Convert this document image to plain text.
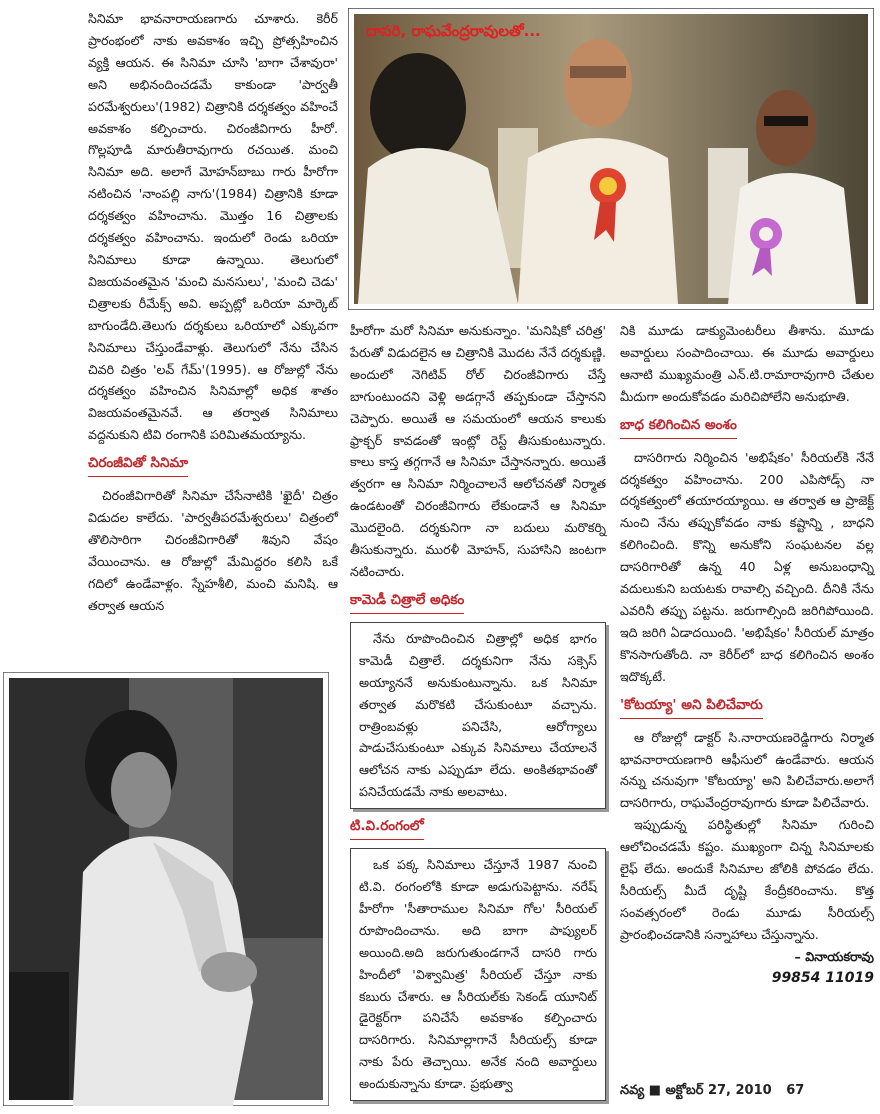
దాసరి, రాఘవేంద్రరావులతో...

సినిమా భావనారాయణగారు చూశారు. కెరీర్ ప్రారంభంలో నాకు అవకాశం ఇచ్చి ప్రోత్సహించిన వ్యక్తి ఆయన. ఈ సినిమా చూసి 'బాగా చేశావురా' అని అభినందించడమే కాకుండా 'పార్వతీ పరమేశ్వరులు'(1982) చిత్రానికి దర్శకత్వం వహించే అవకాశం కల్పించారు. చిరంజీవిగారు హీరో. గొల్లపూడి మారుతీరావుగారు రచయిత. మంచి సినిమా అది. అలాగే మోహన్‌బాబు గారు హీరోగా నటించిన 'నాంపల్లి నాగు'(1984) చిత్రానికి కూడా దర్శకత్వం వహించాను. మొత్తం 16 చిత్రాలకు దర్శకత్వం వహించాను. ఇందులో రెండు ఒరియా సినిమాలు కూడా ఉన్నాయి. తెలుగులో విజయవంతమైన 'మంచి మనసులు', 'మంచి చెడు' చిత్రాలకు రీమేక్స్ అవి. అప్పట్లో ఒరియా మార్కెట్ బాగుండేది.తెలుగు దర్శకులు ఒరియాలో ఎక్కువగా సినిమాలు చేస్తుండేవాళ్లు. తెలుగులో నేను చేసిన చివరి చిత్రం 'లవ్ గేమ్'(1995). ఆ రోజుల్లో నేను దర్శకత్వం వహించిన సినిమాల్లో అధిక శాతం విజయవంతమైనవే. ఆ తర్వాత సినిమాలు వద్దనుకుని టివి రంగానికి పరిమితమయ్యాను.

చిరంజీవితో సినిమా

చిరంజీవిగారితో సినిమా చేసేనాటికి 'ఖైదీ' చిత్రం విడుదల కాలేదు. 'పార్వతీపరమేశ్వరులు' చిత్రంలో తొలిసారిగా చిరంజీవిగారితో శివుని వేషం వేయించాను. ఆ రోజుల్లో మేమిద్దరం కలిసి ఒకే గదిలో ఉండేవాళ్లం. స్నేహశీలి, మంచి మనిషి. ఆ తర్వాత ఆయన

హీరోగా మరో సినిమా అనుకున్నాం. 'మనిషికో చరిత్ర' పేరుతో విడుదలైన ఆ చిత్రానికి మొదట నేనే దర్శకుణ్ణి. అందులో నెగిటివ్ రోల్ చిరంజీవిగారు చేస్తే బాగుంటుందని వెళ్లి అడగ్గానే తప్పకుండా చేస్తానని చెప్పారు. అయితే ఆ సమయంలో ఆయన కాలుకు ఫ్రాక్చర్ కావడంతో ఇంట్లో రెస్ట్ తీసుకుంటున్నారు. కాలు కాస్త తగ్గగానే ఆ సినిమా చేస్తానన్నారు. అయితే త్వరగా ఆ సినిమా నిర్మించాలనే ఆలోచనతో నిర్మాత ఉండటంతో చిరంజీవిగారు లేకుండానే ఆ సినిమా మొదలైంది. దర్శకునిగా నా బదులు మరొకర్ని తీసుకున్నారు. మురళీ మోహన్, సుహాసిని జంటగా నటించారు.

కామెడీ చిత్రాలే అధికం

నేను రూపొందించిన చిత్రాల్లో అధిక భాగం కామెడీ చిత్రాలే. దర్శకునిగా నేను సక్సెస్ అయ్యాననే అనుకుంటున్నాను. ఒక సినిమా తర్వాత మరొకటి చేసుకుంటూ వచ్చాను. రాత్రింబవళ్లు పనిచేసి, ఆరోగ్యాలు పాడుచేసుకుంటూ ఎక్కువ సినిమాలు చేయాలనే ఆలోచన నాకు ఎప్పుడూ లేదు. అంకితభావంతో పనిచేయడమే నాకు అలవాటు.

టి.వి.రంగంలో

ఒక పక్క సినిమాలు చేస్తూనే 1987 నుంచి టి.వి. రంగంలోకి కూడా అడుగుపెట్టాను. నరేష్ హీరోగా 'సీతారాముల సినిమా గోల' సీరియల్ రూపొందించాను. అది బాగా పాప్యులర్ అయింది.అది జరుగుతుండగానే దాసరి గారు హిందీలో 'విశ్వామిత్ర' సీరియల్ చేస్తూ నాకు కబురు చేశారు. ఆ సీరియల్‌కు సెకండ్ యూనిట్ డైరెక్టర్‌గా పనిచేసే అవకాశం కల్పించారు దాసరిగారు. సినిమాల్లాగానే సీరియల్స్ కూడా నాకు పేరు తెచ్చాయి. అనేక నంది అవార్డులు అందుకున్నాను కూడా. ప్రభుత్వా

నికి మూడు డాక్యుమెంటరీలు తీశాను. మూడు అవార్డులు సంపాదించాయి. ఈ మూడు అవార్డులు ఆనాటి ముఖ్యమంత్రి ఎన్.టి.రామారావుగారి చేతుల మీదుగా అందుకోవడం మరిచిపోలేని అనుభూతి.

బాధ కలిగించిన అంశం

దాసరిగారు నిర్మించిన 'అభిషేకం' సీరియల్‌కి నేనే దర్శకత్వం వహించాను. 200 ఎపిసోడ్స్ నా దర్శకత్వంలో తయారయ్యాయి. ఆ తర్వాత ఆ ప్రాజెక్ట్ నుంచి నేను తప్పుకోవడం నాకు కష్టాన్ని , బాధని కలిగించింది. కొన్ని అనుకోని సంఘటనల వల్ల దాసరిగారితో ఉన్న 40 ఏళ్ల అనుబంధాన్ని వదులుకుని బయటకు రావాల్సి వచ్చింది. దీనికి నేను ఎవరినీ తప్పు పట్టను. జరుగాల్సింది జరిగిపోయింది. ఇది జరిగి ఏడాదయింది. 'అభిషేకం' సీరియల్ మాత్రం కొనసాగుతోంది. నా కెరీర్‌లో బాధ కలిగించిన అంశం ఇదొక్కటే.

'కోటయ్యా' అని పిలిచేవారు

ఆ రోజుల్లో డాక్టర్ సి.నారాయణరెడ్డిగారు నిర్మాత భావనారాయణగారి ఆఫీసులో ఉండేవారు. ఆయన నన్ను చనువుగా 'కోటయ్యా' అని పిలిచేవారు.అలాగే దాసరిగారు, రాఘవేంద్రరావుగారు కూడా పిలిచేవారు.

ఇప్పుడున్న పరిస్థితుల్లో సినిమా గురించి ఆలోచించడమే కష్టం. ముఖ్యంగా చిన్న సినిమాలకు లైఫ్ లేదు. అందుకే సినిమాల జోలికి పోవడం లేదు. సీరియల్స్ మీదే దృష్టి కేంద్రీకరించాను. కొత్త సంవత్సరంలో రెండు మూడు సీరియల్స్ ప్రారంభించడానికి సన్నాహాలు చేస్తున్నాను.

– వినాయకరావు
99854 11019
నవ్య ■ అక్టోబర్ 27, 2010 67
